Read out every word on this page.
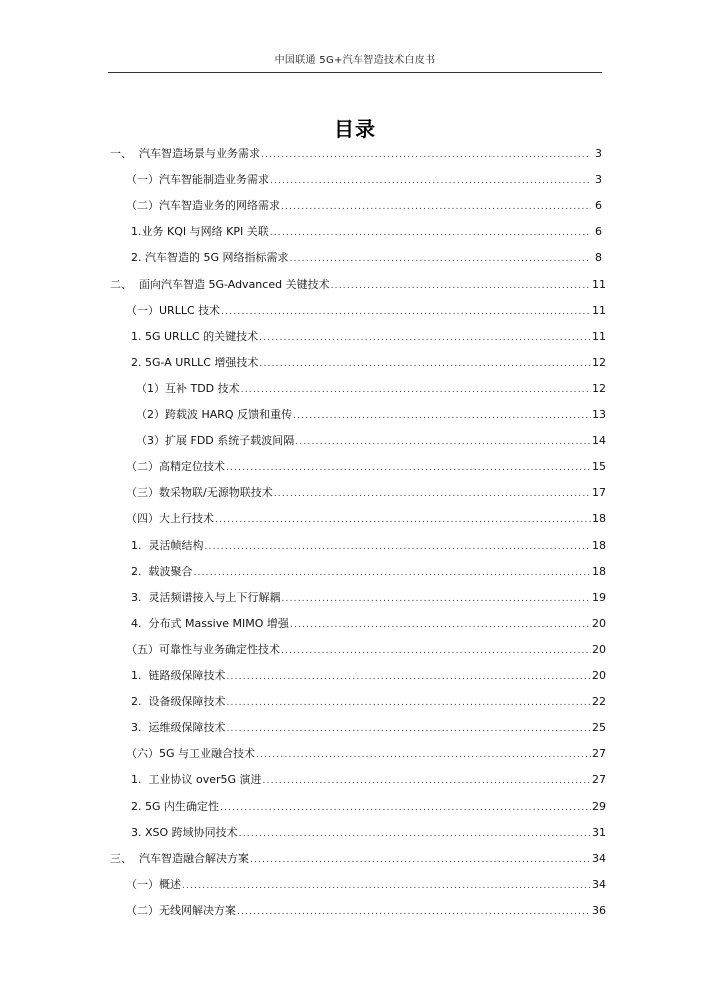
中国联通 5G+汽车智造技术白皮书
目录
一、  汽车智造场景与业务需求 .....	3
（一）汽车智能制造业务需求 .....	3
（二）汽车智造业务的网络需求 .....	6
1.业务 KQI 与网络 KPI 关联 .....	6
2. 汽车智造的 5G 网络指标需求 .....	8
二、  面向汽车智造 5G-Advanced 关键技术 .....	11
（一）URLLC 技术 .....	11
1. 5G URLLC 的关键技术 .....	11
2. 5G-A URLLC 增强技术 .....	12
（1）互补 TDD 技术 .....	12
（2）跨载波 HARQ 反馈和重传 .....	13
（3）扩展 FDD 系统子载波间隔 .....	14
（二）高精定位技术 .....	15
（三）数采物联/无源物联技术 .....	17
（四）大上行技术 .....	18
1.  灵活帧结构 .....	18
2.  载波聚合 .....	18
3.  灵活频谱接入与上下行解耦 .....	19
4.  分布式 Massive MIMO 增强 .....	20
（五）可靠性与业务确定性技术 .....	20
1.  链路级保障技术 .....	20
2.  设备级保障技术 .....	22
3.  运维级保障技术 .....	25
（六）5G 与工业融合技术 .....	27
1.  工业协议 over5G 演进 .....	27
2. 5G 内生确定性 .....	29
3. XSO 跨域协同技术 .....	31
三、  汽车智造融合解决方案 .....	34
（一）概述 .....	34
（二）无线网解决方案 .....	36
